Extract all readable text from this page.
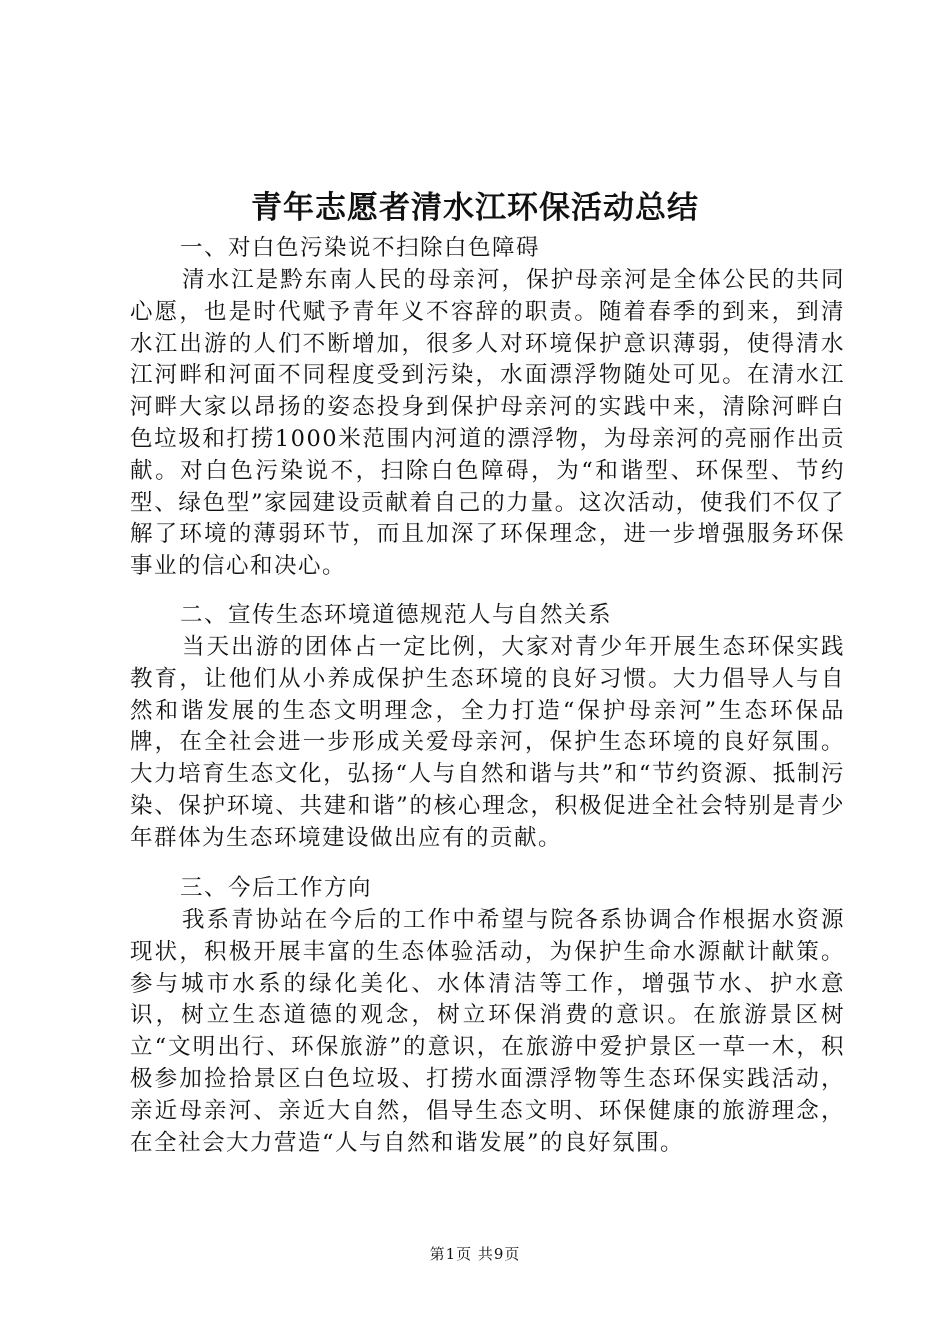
青年志愿者清水江环保活动总结
一、对白色污染说不扫除白色障碍

清水江是黔东南人民的母亲河，保护母亲河是全体公民的共同心愿，也是时代赋予青年义不容辞的职责。随着春季的到来，到清水江出游的人们不断增加，很多人对环境保护意识薄弱，使得清水江河畔和河面不同程度受到污染，水面漂浮物随处可见。在清水江河畔大家以昂扬的姿态投身到保护母亲河的实践中来，清除河畔白色垃圾和打捞1000米范围内河道的漂浮物，为母亲河的亮丽作出贡献。对白色污染说不，扫除白色障碍，为“和谐型、环保型、节约型、绿色型”家园建设贡献着自己的力量。这次活动，使我们不仅了解了环境的薄弱环节，而且加深了环保理念，进一步增强服务环保事业的信心和决心。

二、宣传生态环境道德规范人与自然关系

当天出游的团体占一定比例，大家对青少年开展生态环保实践教育，让他们从小养成保护生态环境的良好习惯。大力倡导人与自然和谐发展的生态文明理念，全力打造“保护母亲河”生态环保品牌，在全社会进一步形成关爱母亲河，保护生态环境的良好氛围。大力培育生态文化，弘扬“人与自然和谐与共”和“节约资源、抵制污染、保护环境、共建和谐”的核心理念，积极促进全社会特别是青少年群体为生态环境建设做出应有的贡献。

三、今后工作方向

我系青协站在今后的工作中希望与院各系协调合作根据水资源现状，积极开展丰富的生态体验活动，为保护生命水源献计献策。参与城市水系的绿化美化、水体清洁等工作，增强节水、护水意识，树立生态道德的观念，树立环保消费的意识。在旅游景区树立“文明出行、环保旅游”的意识，在旅游中爱护景区一草一木，积极参加捡拾景区白色垃圾、打捞水面漂浮物等生态环保实践活动，亲近母亲河、亲近大自然，倡导生态文明、环保健康的旅游理念，在全社会大力营造“人与自然和谐发展”的良好氛围。

第1页 共9页
